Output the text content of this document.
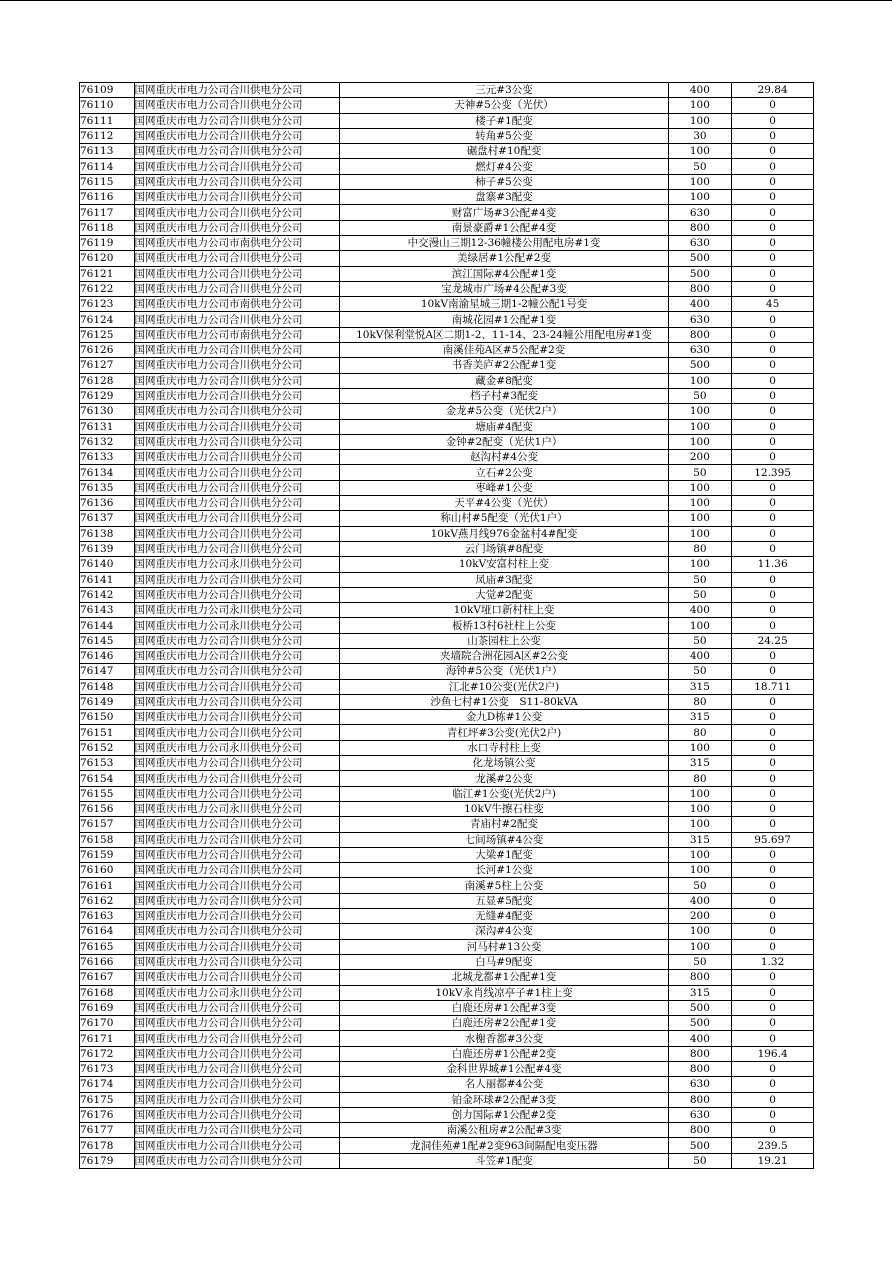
76109	国网重庆市电力公司合川供电分公司	三元#3公变	400	29.84
76110	国网重庆市电力公司合川供电分公司	天神#5公变（光伏）	100	0
76111	国网重庆市电力公司合川供电分公司	楼子#1配变	100	0
76112	国网重庆市电力公司合川供电分公司	转角#5公变	30	0
76113	国网重庆市电力公司合川供电分公司	碾盘村#10配变	100	0
76114	国网重庆市电力公司合川供电分公司	燃灯#4公变	50	0
76115	国网重庆市电力公司合川供电分公司	柿子#5公变	100	0
76116	国网重庆市电力公司合川供电分公司	盘寨#3配变	100	0
76117	国网重庆市电力公司合川供电分公司	财富广场#3公配#4变	630	0
76118	国网重庆市电力公司合川供电分公司	南景豪爵#1公配#4变	800	0
76119	国网重庆市电力公司市南供电分公司	中交漫山三期12-36幢楼公用配电房#1变	630	0
76120	国网重庆市电力公司合川供电分公司	美绿居#1公配#2变	500	0
76121	国网重庆市电力公司合川供电分公司	滨江国际#4公配#1变	500	0
76122	国网重庆市电力公司合川供电分公司	宝龙城市广场#4公配#3变	800	0
76123	国网重庆市电力公司市南供电分公司	10kV南渝星城三期1-2幢公配1号变	400	45
76124	国网重庆市电力公司合川供电分公司	南城花园#1公配#1变	630	0
76125	国网重庆市电力公司市南供电分公司	10kV保利堂悦A区二期1-2、11-14、23-24幢公用配电房#1变	800	0
76126	国网重庆市电力公司合川供电分公司	南溪佳苑A区#5公配#2变	630	0
76127	国网重庆市电力公司合川供电分公司	书香美庐#2公配#1变	500	0
76128	国网重庆市电力公司合川供电分公司	藏金#8配变	100	0
76129	国网重庆市电力公司合川供电分公司	档子村#3配变	50	0
76130	国网重庆市电力公司合川供电分公司	金龙#5公变（光伏2户）	100	0
76131	国网重庆市电力公司合川供电分公司	塘庙#4配变	100	0
76132	国网重庆市电力公司合川供电分公司	金钟#2配变（光伏1户）	100	0
76133	国网重庆市电力公司合川供电分公司	赵沟村#4公变	200	0
76134	国网重庆市电力公司合川供电分公司	立石#2公变	50	12.395
76135	国网重庆市电力公司合川供电分公司	枣峰#1公变	100	0
76136	国网重庆市电力公司合川供电分公司	天平#4公变（光伏）	100	0
76137	国网重庆市电力公司合川供电分公司	称山村#5配变（光伏1户）	100	0
76138	国网重庆市电力公司合川供电分公司	10kV燕月线976金盆村4#配变	100	0
76139	国网重庆市电力公司合川供电分公司	云门场镇#8配变	80	0
76140	国网重庆市电力公司永川供电分公司	10kV安富村柱上变	100	11.36
76141	国网重庆市电力公司合川供电分公司	凤庙#3配变	50	0
76142	国网重庆市电力公司合川供电分公司	大觉#2配变	50	0
76143	国网重庆市电力公司永川供电分公司	10kV垭口新村柱上变	400	0
76144	国网重庆市电力公司永川供电分公司	板桥13村6社柱上公变	100	0
76145	国网重庆市电力公司合川供电分公司	山茶园柱上公变	50	24.25
76146	国网重庆市电力公司合川供电分公司	夹墙院合洲花园A区#2公变	400	0
76147	国网重庆市电力公司合川供电分公司	海钟#5公变（光伏1户）	50	0
76148	国网重庆市电力公司合川供电分公司	江北#10公变(光伏2户)	315	18.711
76149	国网重庆市电力公司合川供电分公司	沙鱼七村#1公变　S11-80kVA	80	0
76150	国网重庆市电力公司合川供电分公司	金九D栋#1公变	315	0
76151	国网重庆市电力公司合川供电分公司	青杠坪#3公变(光伏2户)	80	0
76152	国网重庆市电力公司永川供电分公司	水口寺村柱上变	100	0
76153	国网重庆市电力公司合川供电分公司	化龙场镇公变	315	0
76154	国网重庆市电力公司合川供电分公司	龙溪#2公变	80	0
76155	国网重庆市电力公司合川供电分公司	临江#1公变(光伏2户)	100	0
76156	国网重庆市电力公司永川供电分公司	10kV牛擦石柱变	100	0
76157	国网重庆市电力公司合川供电分公司	青庙村#2配变	100	0
76158	国网重庆市电力公司合川供电分公司	七间场镇#4公变	315	95.697
76159	国网重庆市电力公司合川供电分公司	大梁#1配变	100	0
76160	国网重庆市电力公司合川供电分公司	长河#1公变	100	0
76161	国网重庆市电力公司合川供电分公司	南溪#5柱上公变	50	0
76162	国网重庆市电力公司合川供电分公司	五显#5配变	400	0
76163	国网重庆市电力公司合川供电分公司	无缝#4配变	200	0
76164	国网重庆市电力公司合川供电分公司	深沟#4公变	100	0
76165	国网重庆市电力公司合川供电分公司	河马村#13公变	100	0
76166	国网重庆市电力公司合川供电分公司	白马#9配变	50	1.32
76167	国网重庆市电力公司合川供电分公司	北城龙都#1公配#1变	800	0
76168	国网重庆市电力公司永川供电分公司	10kV永肖线凉亭子#1柱上变	315	0
76169	国网重庆市电力公司合川供电分公司	白鹿还房#1公配#3变	500	0
76170	国网重庆市电力公司合川供电分公司	白鹿还房#2公配#1变	500	0
76171	国网重庆市电力公司合川供电分公司	水榭香都#3公变	400	0
76172	国网重庆市电力公司合川供电分公司	白鹿还房#1公配#2变	800	196.4
76173	国网重庆市电力公司合川供电分公司	金科世界城#1公配#4变	800	0
76174	国网重庆市电力公司合川供电分公司	名人丽都#4公变	630	0
76175	国网重庆市电力公司合川供电分公司	铂金环球#2公配#3变	800	0
76176	国网重庆市电力公司合川供电分公司	创力国际#1公配#2变	630	0
76177	国网重庆市电力公司合川供电分公司	南溪公租房#2公配#3变	800	0
76178	国网重庆市电力公司合川供电分公司	龙洞佳苑#1配#2变963间隔配电变压器	500	239.5
76179	国网重庆市电力公司合川供电分公司	斗笠#1配变	50	19.21
